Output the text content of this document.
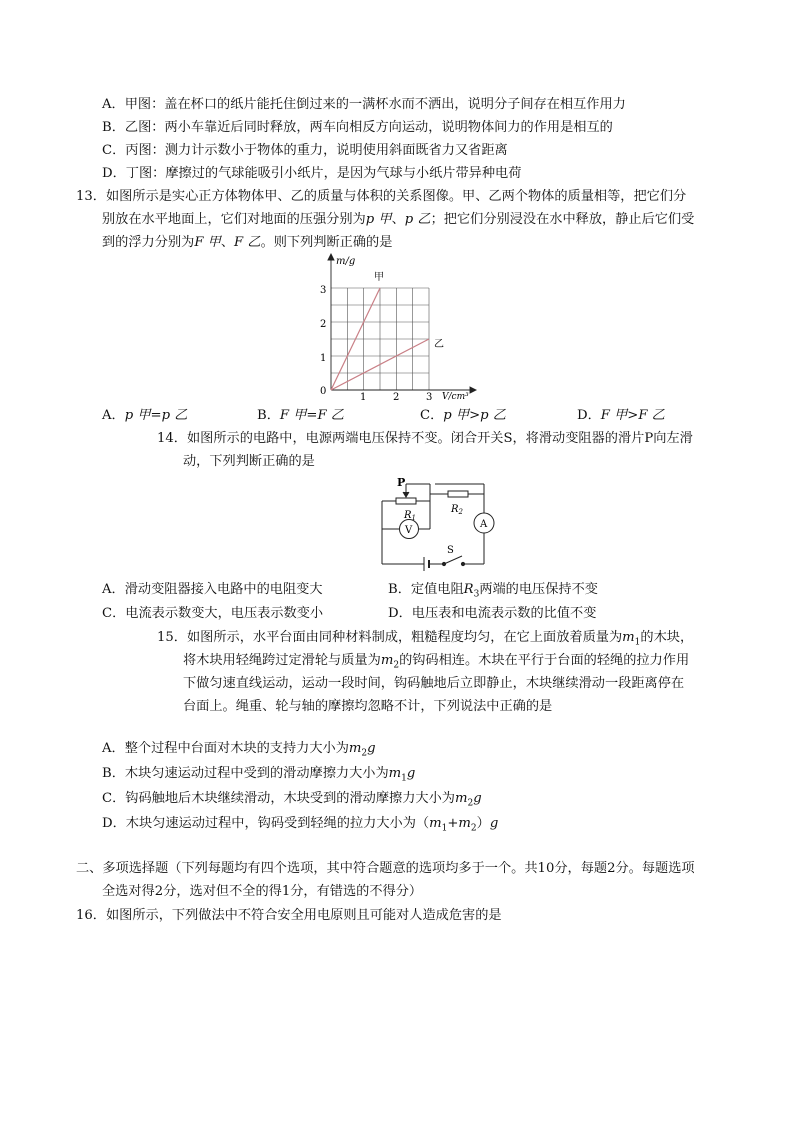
A．甲图：盖在杯口的纸片能托住倒过来的一满杯水而不洒出，说明分子间存在相互作用力
B．乙图：两小车靠近后同时释放，两车向相反方向运动，说明物体间力的作用是相互的
C．丙图：测力计示数小于物体的重力，说明使用斜面既省力又省距离
D．丁图：摩擦过的气球能吸引小纸片，是因为气球与小纸片带异种电荷
13．如图所示是实心正方体物体甲、乙的质量与体积的关系图像。甲、乙两个物体的质量相等，把它们分
别放在水平地面上，它们对地面的压强分别为p 甲、p 乙；把它们分别浸没在水中释放，静止后它们受
到的浮力分别为F 甲、F 乙。则下列判断正确的是
m/g
V/cm³
0
1	2	3
1
2
3
甲
乙
A．p 甲=p 乙	B．F 甲=F 乙	C．p 甲>p 乙	D．F 甲>F 乙
14．如图所示的电路中，电源两端电压保持不变。闭合开关S，将滑动变阻器的滑片P向左滑
动，下列判断正确的是
P
$R_1$
$R_2$
V
A
S
A．滑动变阻器接入电路中的电阻变大	B．定值电阻$R_3$两端的电压保持不变
C．电流表示数变大，电压表示数变小	D．电压表和电流表示数的比值不变
15．如图所示，水平台面由同种材料制成，粗糙程度均匀，在它上面放着质量为$m_1$的木块，
将木块用轻绳跨过定滑轮与质量为$m_2$的钩码相连。木块在平行于台面的轻绳的拉力作用
下做匀速直线运动，运动一段时间，钩码触地后立即静止，木块继续滑动一段距离停在
台面上。绳重、轮与轴的摩擦均忽略不计，下列说法中正确的是
A．整个过程中台面对木块的支持力大小为$m_2g$
B．木块匀速运动过程中受到的滑动摩擦力大小为$m_1g$
C．钩码触地后木块继续滑动，木块受到的滑动摩擦力大小为$m_2g$
D．木块匀速运动过程中，钩码受到轻绳的拉力大小为$(m_1+m_2)g$
二、多项选择题（下列每题均有四个选项，其中符合题意的选项均多于一个。共10分，每题2分。每题选项
全选对得2分，选对但不全的得1分，有错选的不得分）
16．如图所示，下列做法中不符合安全用电原则且可能对人造成危害的是
